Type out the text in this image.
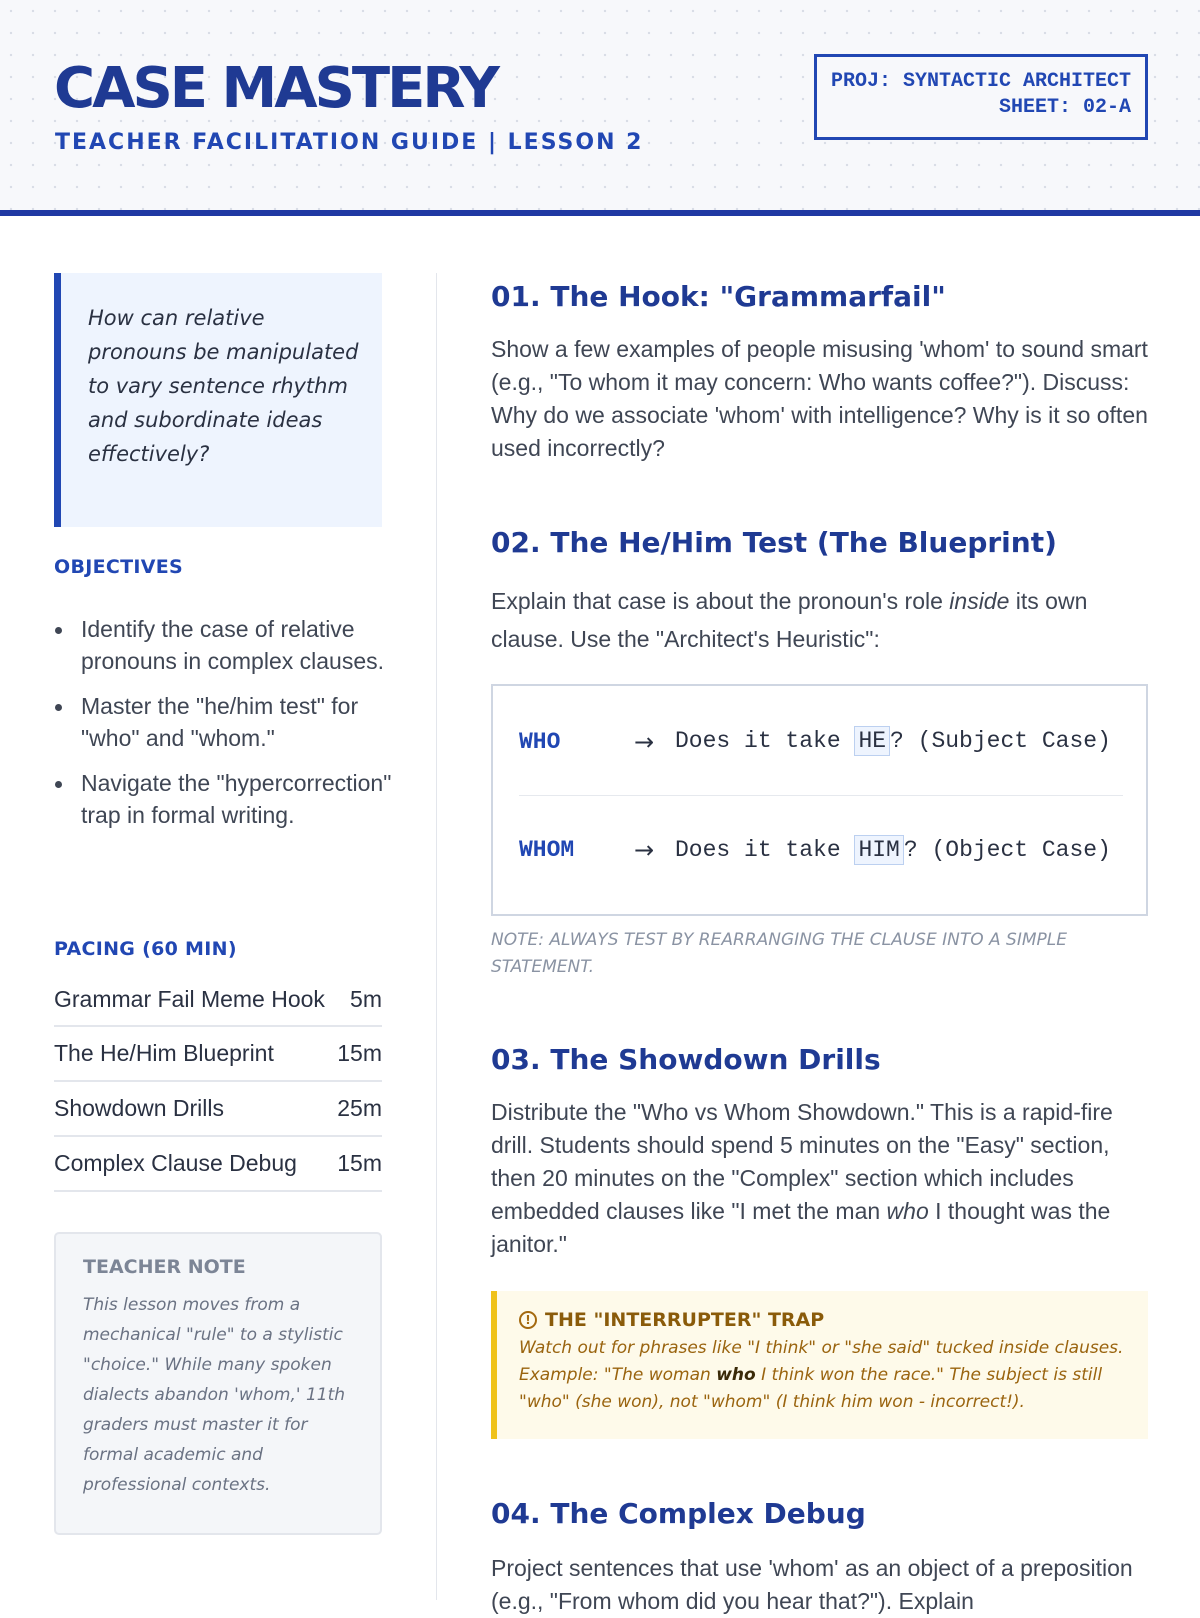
CASE MASTERY
TEACHER FACILITATION GUIDE | LESSON 2
PROJ: SYNTACTIC ARCHITECT
SHEET: 02-A
How can relative pronouns be manipulated to vary sentence rhythm and subordinate ideas effectively?
OBJECTIVES
Identify the case of relative pronouns in complex clauses.
Master the "he/him test" for "who" and "whom."
Navigate the "hypercorrection" trap in formal writing.
PACING (60 MIN)
Grammar Fail Meme Hook 5m
The He/Him Blueprint	15m
Showdown Drills	25m
Complex Clause Debug 15m
TEACHER NOTE
This lesson moves from a mechanical "rule" to a stylistic "choice." While many spoken dialects abandon 'whom,' 11th graders must master it for formal academic and professional contexts.
01. The Hook: "Grammarfail"
Show a few examples of people misusing 'whom' to sound smart (e.g., "To whom it may concern: Who wants coffee?"). Discuss: Why do we associate 'whom' with intelligence? Why is it so often used incorrectly?
02. The He/Him Test (The Blueprint)
Explain that case is about the pronoun's role inside its own clause. Use the "Architect's Heuristic":
WHO	→ Does it take HE ? (Subject Case)
WHOM	→ Does it take HIM ? (Object Case)
NOTE: ALWAYS TEST BY REARRANGING THE CLAUSE INTO A SIMPLE STATEMENT.
03. The Showdown Drills
Distribute the "Who vs Whom Showdown." This is a rapid-fire drill. Students should spend 5 minutes on the "Easy" section, then 20 minutes on the "Complex" section which includes embedded clauses like "I met the man who I thought was the janitor."
! THE "INTERRUPTER" TRAP
Watch out for phrases like "I think" or "she said" tucked inside clauses. Example: "The woman who I think won the race." The subject is still "who" (she won), not "whom" (I think him won - incorrect!).
04. The Complex Debug
Project sentences that use 'whom' as an object of a preposition (e.g., "From whom did you hear that?"). Explain
